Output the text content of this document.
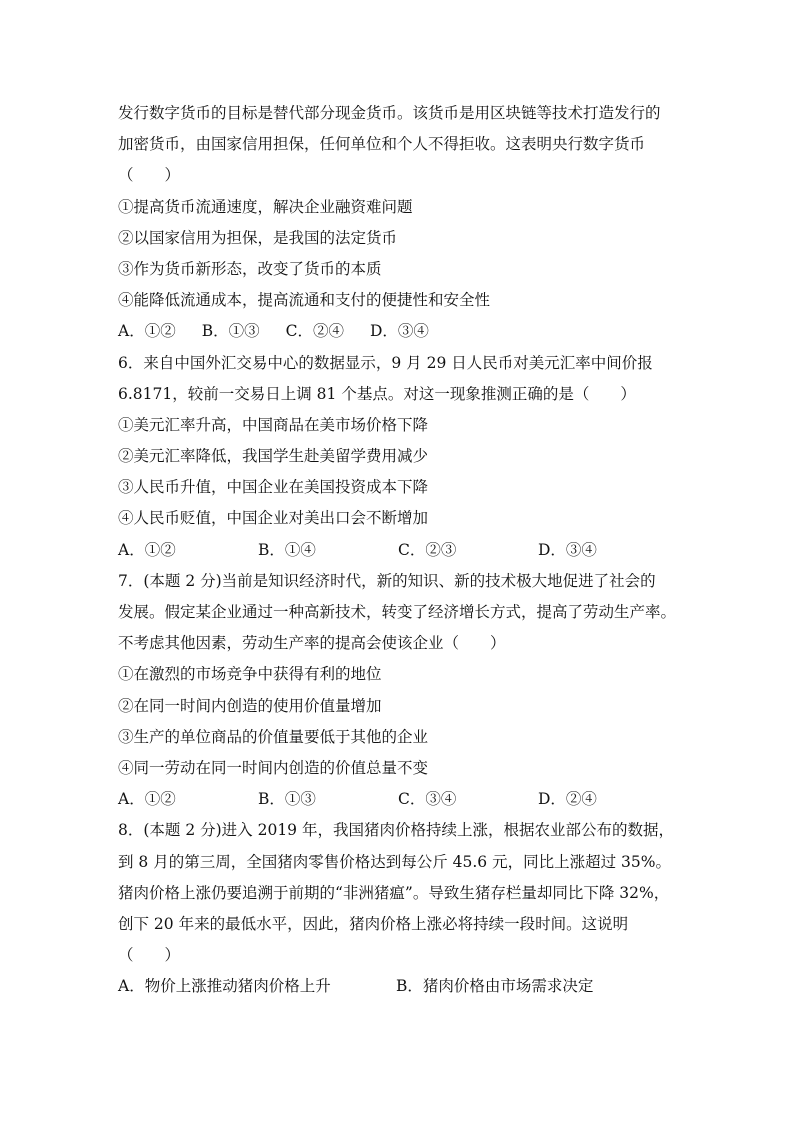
发行数字货币的目标是替代部分现金货币。该货币是用区块链等技术打造发行的
加密货币，由国家信用担保，任何单位和个人不得拒收。这表明央行数字货币
（　　）
①提高货币流通速度，解决企业融资难问题
②以国家信用为担保，是我国的法定货币
③作为货币新形态，改变了货币的本质
④能降低流通成本，提高流通和支付的便捷性和安全性
A．①② B．①③ C．②④ D．③④
6．来自中国外汇交易中心的数据显示，9 月 29 日人民币对美元汇率中间价报
6.8171，较前一交易日上调 81 个基点。对这一现象推测正确的是（　　）
①美元汇率升高，中国商品在美市场价格下降
②美元汇率降低，我国学生赴美留学费用减少
③人民币升值，中国企业在美国投资成本下降
④人民币贬值，中国企业对美出口会不断增加
A．①②	B．①④	C．②③	D．③④
7．(本题 2 分)当前是知识经济时代，新的知识、新的技术极大地促进了社会的
发展。假定某企业通过一种高新技术，转变了经济增长方式，提高了劳动生产率。
不考虑其他因素，劳动生产率的提高会使该企业（　　）
①在激烈的市场竞争中获得有利的地位
②在同一时间内创造的使用价值量增加
③生产的单位商品的价值量要低于其他的企业
④同一劳动在同一时间内创造的价值总量不变
A．①②	B．①③	C．③④	D．②④
8．(本题 2 分)进入 2019 年，我国猪肉价格持续上涨，根据农业部公布的数据，
到 8 月的第三周，全国猪肉零售价格达到每公斤 45.6 元，同比上涨超过 35%。
猪肉价格上涨仍要追溯于前期的“非洲猪瘟”。导致生猪存栏量却同比下降 32%，
创下 20 年来的最低水平，因此，猪肉价格上涨必将持续一段时间。这说明
（　　）
A．物价上涨推动猪肉价格上升	B．猪肉价格由市场需求决定
